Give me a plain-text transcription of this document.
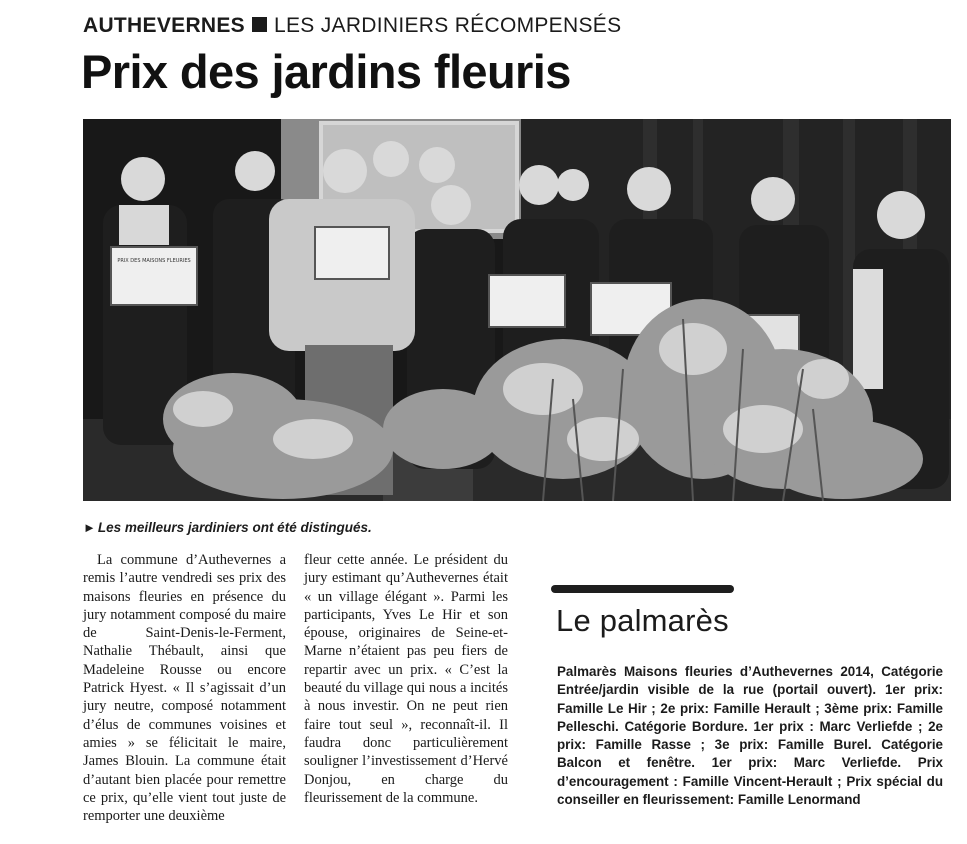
AUTHEVERNES LES JARDINIERS RÉCOMPENSÉS
Prix des jardins fleuris
PRIX DES MAISONS FLEURIES
► Les meilleurs jardiniers ont été distingués.

La commune d’Authevernes a remis l’autre vendredi ses prix des maisons fleuries en présence du jury notamment composé du maire de Saint-Denis-le-Ferment, Nathalie Thébault, ainsi que Madeleine Rousse ou encore Patrick Hyest. « Il s’agissait d’un jury neutre, composé notamment d’élus de communes voisines et amies » se félicitait le maire, James Blouin. La commune était d’autant bien placée pour remettre ce prix, qu’elle vient tout juste de remporter une deuxième

fleur cette année. Le président du jury estimant qu’Authevernes était « un village élégant ». Parmi les participants, Yves Le Hir et son épouse, originaires de Seine-et-Marne n’étaient pas peu fiers de repartir avec un prix. « C’est la beauté du village qui nous a incités à nous investir. On ne peut rien faire tout seul », reconnaît-il. Il faudra donc particulièrement souligner l’investissement d’Hervé Donjou, en charge du fleurissement de la commune.

Le palmarès
Palmarès Maisons fleuries d’Authevernes 2014, Catégorie Entrée/jardin visible de la rue (portail ouvert). 1er prix: Famille Le Hir ; 2e prix: Famille Herault ; 3ème prix: Famille Pelleschi. Catégorie Bordure. 1er prix : Marc Verliefde ; 2e prix: Famille Rasse ; 3e prix: Famille Burel. Catégorie Balcon et fenêtre. 1er prix: Marc Verliefde. Prix d’encouragement : Famille Vincent-Herault ; Prix spécial du conseiller en fleurissement: Famille Lenormand
